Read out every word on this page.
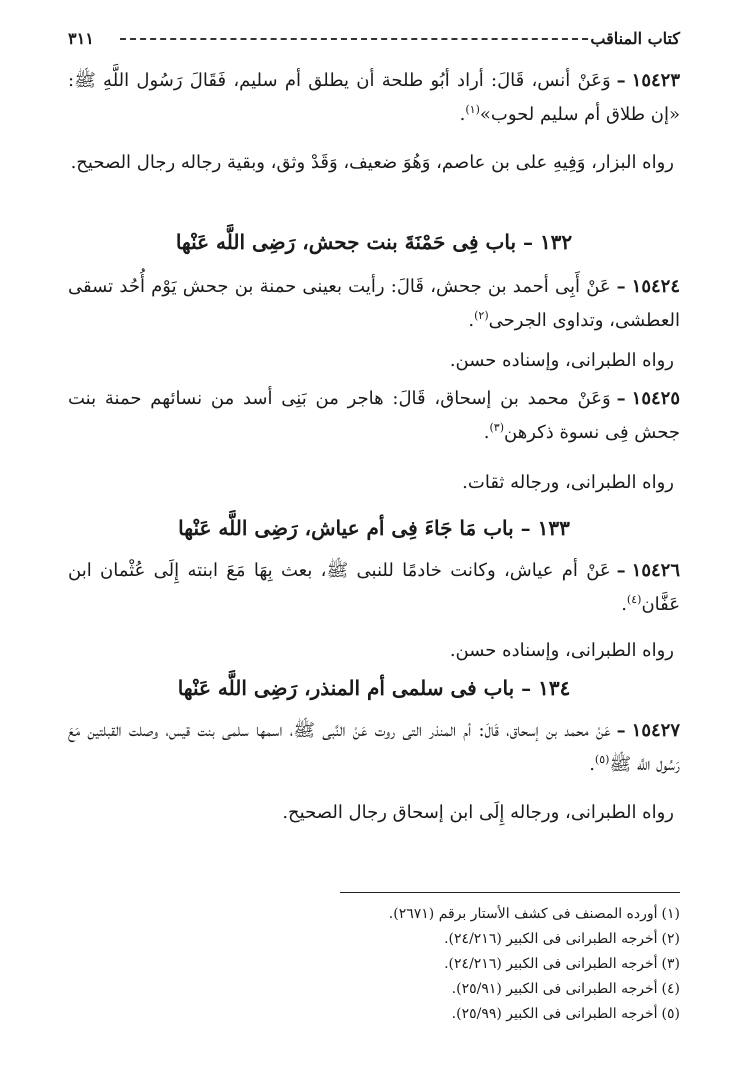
كتاب المناقب
٣١١
١٥٤٢٣–وَعَنْ أنس، قَالَ: أراد أبُو طلحة أن يطلق أم سليم، فَقَالَ رَسُول اللَّهِ ﷺ: «إن طلاق أم سليم لحوب»$^{(١)}$.
رواه البزار، وَفِيهِ على بن عاصم، وَهُوَ ضعيف، وَقَدْ وثق، وبقية رجاله رجال الصحيح.
١٣٢ – باب فِى حَمْنَةَ بنت جحش، رَضِى اللَّه عَنْها
١٥٤٢٤–عَنْ أَبِى أحمد بن جحش، قَالَ: رأيت بعينى حمنة بن جحش يَوْم أُحُد تسقى العطشى، وتداوى الجرحى$^{(٢)}$.
رواه الطبرانى، وإسناده حسن.
١٥٤٢٥–وَعَنْ محمد بن إسحاق، قَالَ: هاجر من بَنِى أسد من نسائهم حمنة بنت جحش فِى نسوة ذكرهن$^{(٣)}$.
رواه الطبرانى، ورجاله ثقات.
١٣٣ – باب مَا جَاءَ فِى أم عياش، رَضِى اللَّه عَنْها
١٥٤٢٦–عَنْ أم عياش، وكانت خادمًا للنبى ﷺ، بعث بِهَا مَعَ ابنته إِلَى عُثْمان ابن عَفَّان$^{(٤)}$.
رواه الطبرانى، وإسناده حسن.
١٣٤ – باب فى سلمى أم المنذر، رَضِى اللَّه عَنْها
١٥٤٢٧–عَنْ محمد بن إسحاق، قَالَ: أم المنذر التى روت عَنْ النَّبى ﷺ، اسمها سلمى بنت قيس، وصلت القبلتين مَعَ رَسُول اللَّه ﷺ$^{(٥)}$.
رواه الطبرانى، ورجاله إِلَى ابن إسحاق رجال الصحيح.
(١)أورده المصنف فى كشف الأستار برقم (٢٦٧١).
(٢)أخرجه الطبرانى فى الكبير (٢٤/٢١٦).
(٣)أخرجه الطبرانى فى الكبير (٢٤/٢١٦).
(٤)أخرجه الطبرانى فى الكبير (٢٥/٩١).
(٥)أخرجه الطبرانى فى الكبير (٢٥/٩٩).
